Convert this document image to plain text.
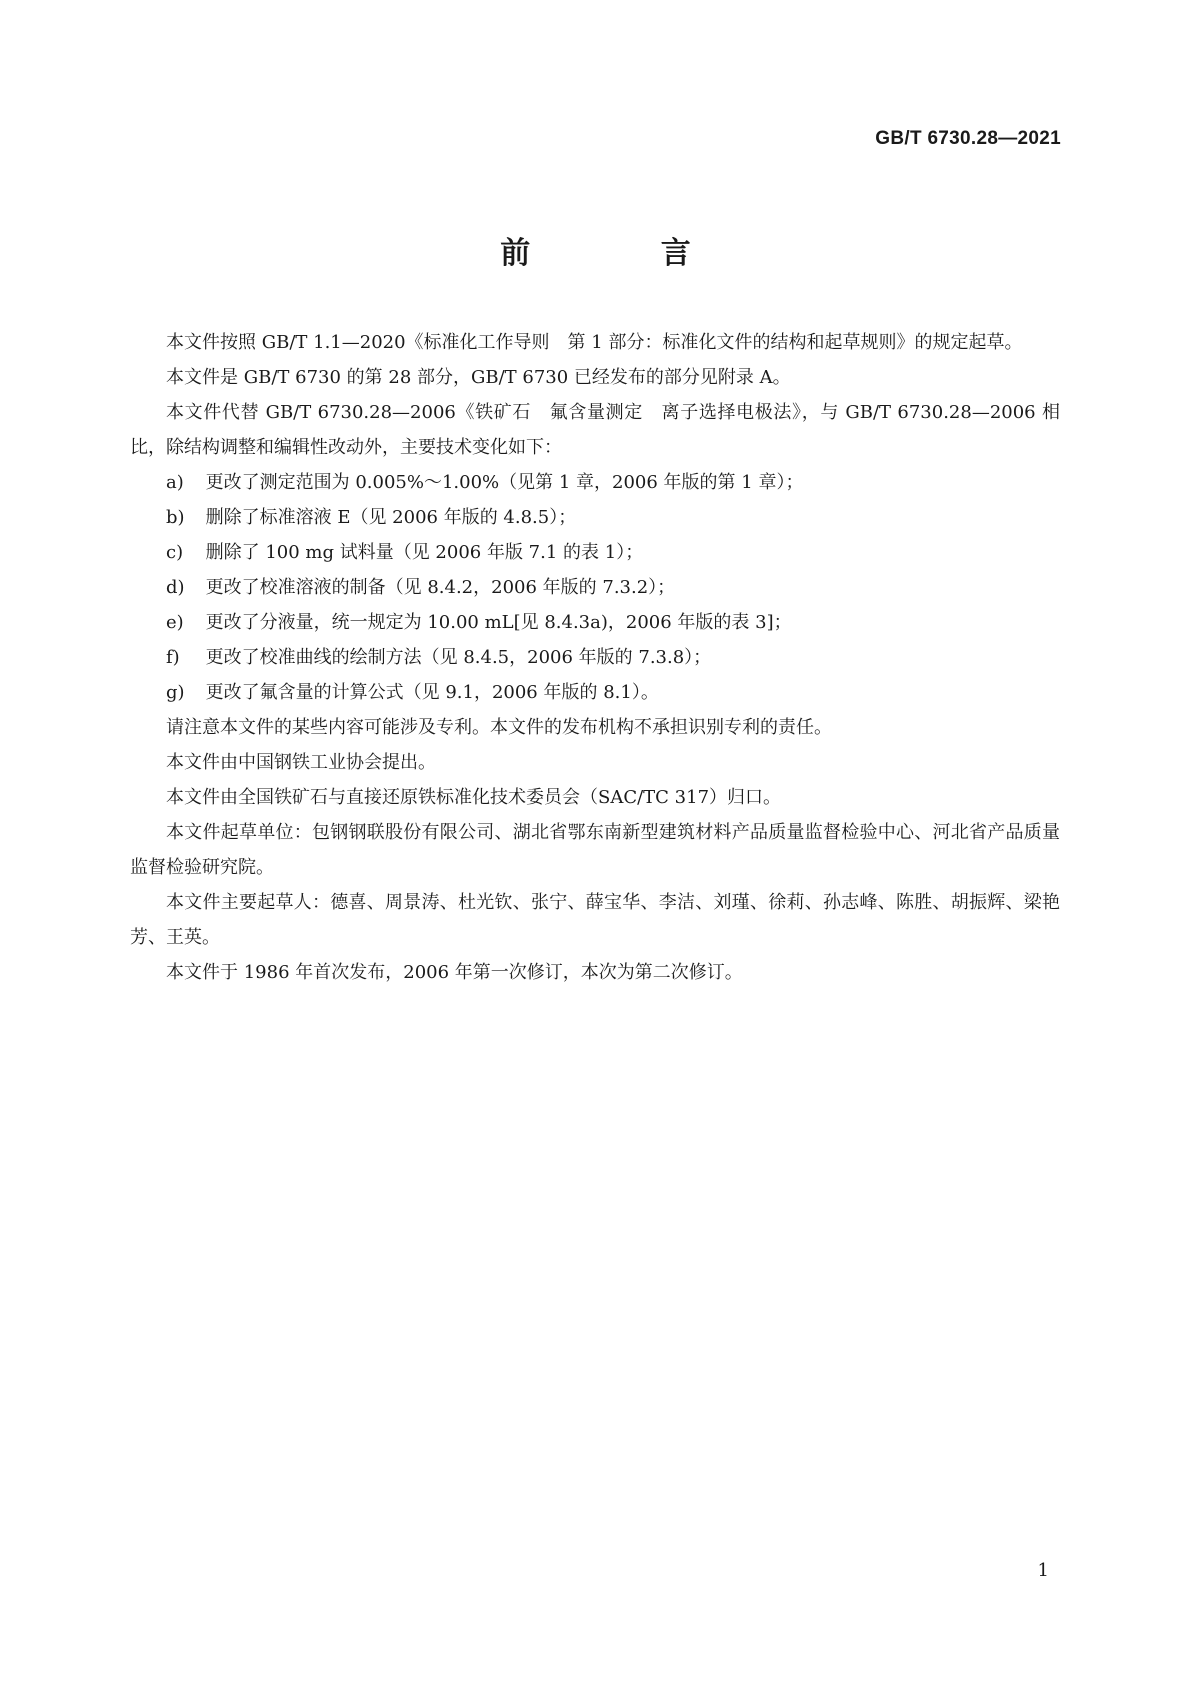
GB/T 6730.28—2021
前 言

本文件按照 GB/T 1.1—2020《标准化工作导则　第 1 部分：标准化文件的结构和起草规则》的规定起草。

本文件是 GB/T 6730 的第 28 部分，GB/T 6730 已经发布的部分见附录 A。

本文件代替 GB/T 6730.28—2006《铁矿石　氟含量测定　离子选择电极法》，与 GB/T 6730.28—2006 相比，除结构调整和编辑性改动外，主要技术变化如下：

a) 更改了测定范围为 0.005%～1.00%（见第 1 章，2006 年版的第 1 章）；

b) 删除了标准溶液 E（见 2006 年版的 4.8.5）；

c) 删除了 100 mg 试料量（见 2006 年版 7.1 的表 1）；

d) 更改了校准溶液的制备（见 8.4.2，2006 年版的 7.3.2）；

e) 更改了分液量，统一规定为 10.00 mL[见 8.4.3a)，2006 年版的表 3]；

f) 更改了校准曲线的绘制方法（见 8.4.5，2006 年版的 7.3.8）；

g) 更改了氟含量的计算公式（见 9.1，2006 年版的 8.1）。

请注意本文件的某些内容可能涉及专利。本文件的发布机构不承担识别专利的责任。

本文件由中国钢铁工业协会提出。

本文件由全国铁矿石与直接还原铁标准化技术委员会（SAC/TC 317）归口。

本文件起草单位：包钢钢联股份有限公司、湖北省鄂东南新型建筑材料产品质量监督检验中心、河北省产品质量监督检验研究院。

本文件主要起草人：德喜、周景涛、杜光钦、张宁、薛宝华、李洁、刘瑾、徐莉、孙志峰、陈胜、胡振辉、梁艳芳、王英。

本文件于 1986 年首次发布，2006 年第一次修订，本次为第二次修订。

1
